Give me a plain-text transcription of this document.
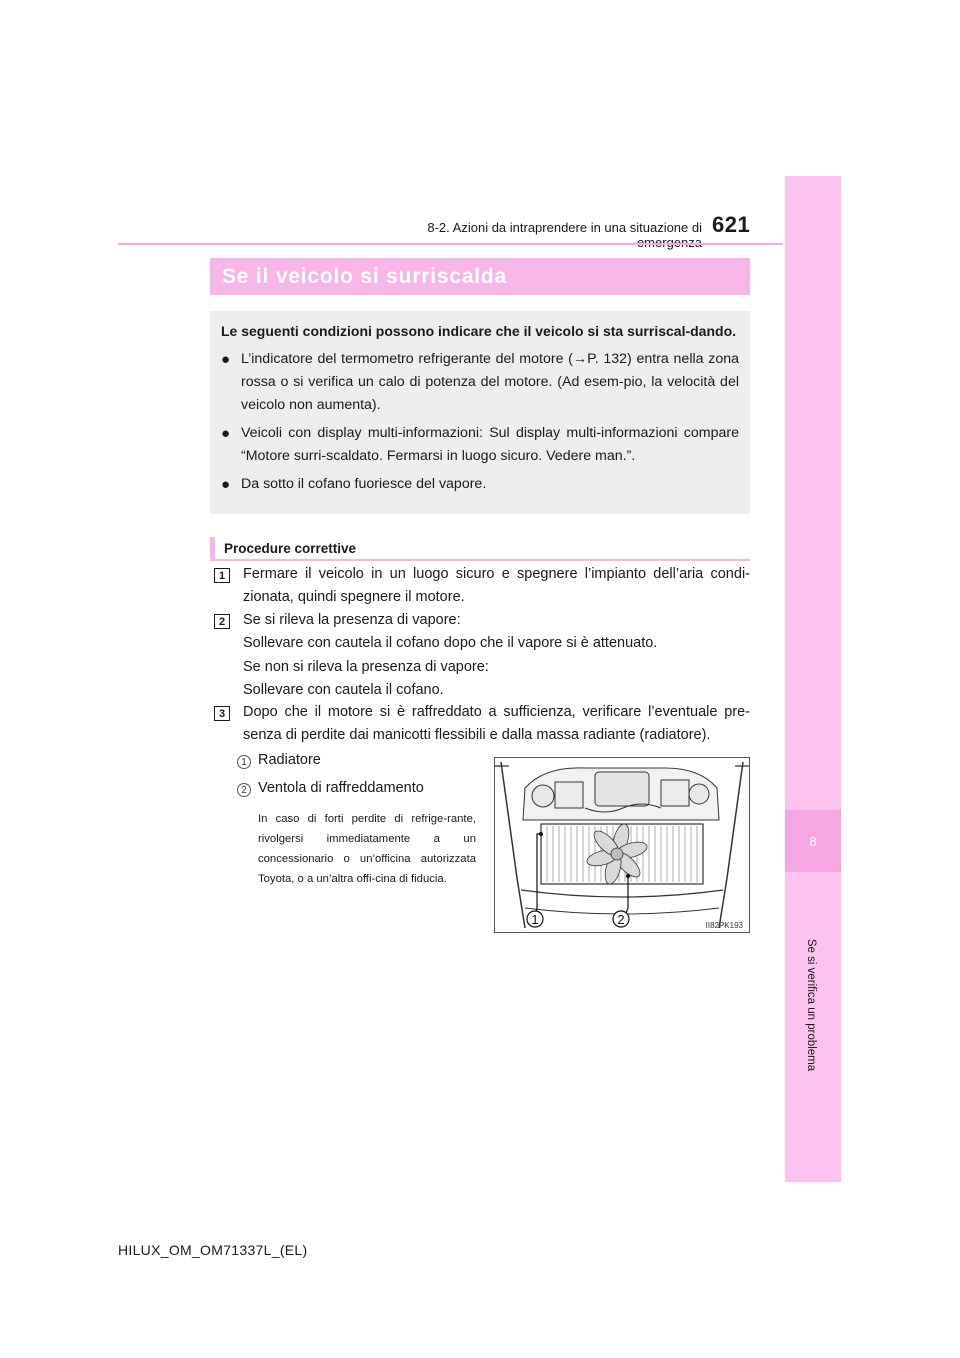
8
Se si verifica un problema
8-2. Azioni da intraprendere in una situazione di 621
Se il veicolo si surriscalda

Le seguenti condizioni possono indicare che il veicolo si sta surriscal-dando.

● L’indicatore del termometro refrigerante del motore (→P. 132) entra nella zona rossa o si verifica un calo di potenza del motore. (Ad esem-pio, la velocità del veicolo non aumenta).
● Veicoli con display multi-informazioni: Sul display multi-informazioni compare “Motore surri-scaldato. Fermarsi in luogo sicuro. Vedere man.”.
● Da sotto il cofano fuoriesce del vapore.
Procedure correttive
1	Fermare il veicolo in un luogo sicuro e spegnere l’impianto dell’aria condi-zionata, quindi spegnere il motore.
2	Se si rileva la presenza di vapore:
Sollevare con cautela il cofano dopo che il vapore si è attenuato.
Se non si rileva la presenza di vapore:
Sollevare con cautela il cofano.
3	Dopo che il motore si è raffreddato a sufficienza, verificare l’eventuale pre-senza di perdite dai manicotti flessibili e dalla massa radiante (radiatore).
1 Radiatore
2 Ventola di raffreddamento
In caso di forti perdite di refrige-rante, rivolgersi immediatamente a un concessionario o un’officina autorizzata Toyota, o a un’altra offi-cina di fiducia.
1	2	II82PK193
HILUX_OM_OM71337L_(EL)
